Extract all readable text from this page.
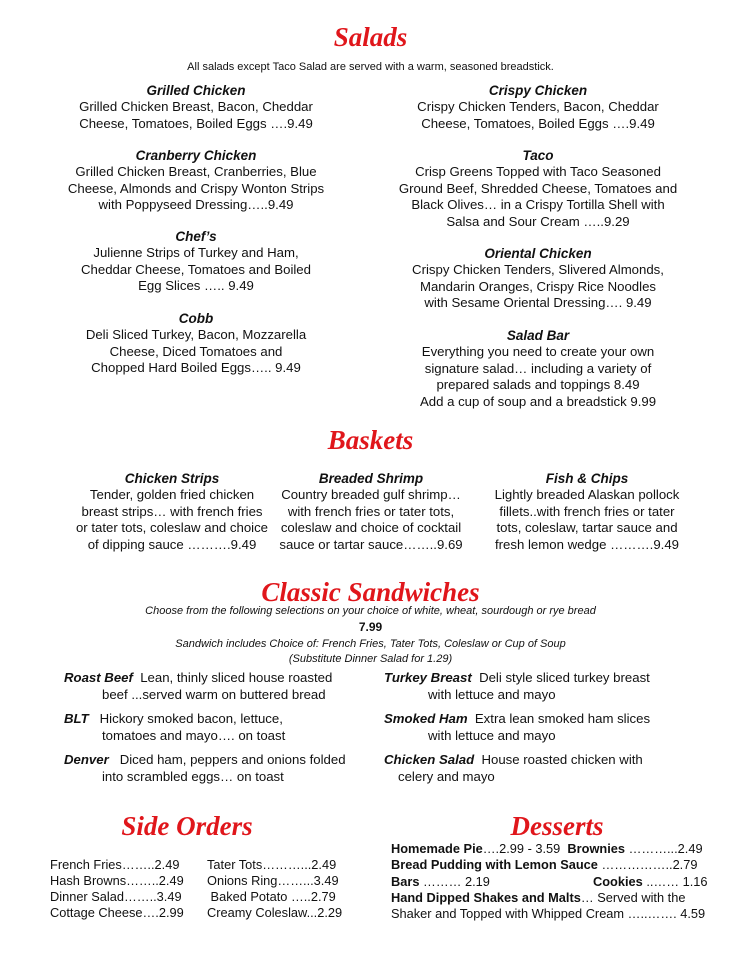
Salads
All salads except Taco Salad are served with a warm, seasoned breadstick.
Grilled Chicken
Grilled Chicken Breast, Bacon, Cheddar
Cheese, Tomatoes, Boiled Eggs ….9.49
Cranberry Chicken
Grilled Chicken Breast, Cranberries, Blue
Cheese, Almonds and Crispy Wonton Strips
with Poppyseed Dressing…..9.49
Chef’s
Julienne Strips of Turkey and Ham,
Cheddar Cheese, Tomatoes and Boiled
Egg Slices ….. 9.49
Cobb
Deli Sliced Turkey, Bacon, Mozzarella
Cheese, Diced Tomatoes and
Chopped Hard Boiled Eggs….. 9.49
Crispy Chicken
Crispy Chicken Tenders, Bacon, Cheddar
Cheese, Tomatoes, Boiled Eggs ….9.49
Taco
Crisp Greens Topped with Taco Seasoned
Ground Beef, Shredded Cheese, Tomatoes and
Black Olives… in a Crispy Tortilla Shell with
Salsa and Sour Cream …..9.29
Oriental Chicken
Crispy Chicken Tenders, Slivered Almonds,
Mandarin Oranges, Crispy Rice Noodles
with Sesame Oriental Dressing…. 9.49
Salad Bar
Everything you need to create your own
signature salad… including a variety of
prepared salads and toppings 8.49
Add a cup of soup and a breadstick 9.99
Baskets
Chicken Strips
Tender, golden fried chicken
breast strips… with french fries
or tater tots, coleslaw and choice
of dipping sauce ……….9.49
Breaded Shrimp
Country breaded gulf shrimp…
with french fries or tater tots,
coleslaw and choice of cocktail
sauce or tartar sauce……..9.69
Fish & Chips
Lightly breaded Alaskan pollock
fillets..with french fries or tater
tots, coleslaw, tartar sauce and
fresh lemon wedge ……….9.49
Classic Sandwiches
Choose from the following selections on your choice of white, wheat, sourdough or rye bread
7.99
Sandwich includes Choice of: French Fries, Tater Tots, Coleslaw or Cup of Soup
(Substitute Dinner Salad for 1.29)
Roast Beef Lean, thinly sliced house roasted
beef ...served warm on buttered bread
BLT Hickory smoked bacon, lettuce,
tomatoes and mayo…. on toast
Denver Diced ham, peppers and onions folded
into scrambled eggs… on toast
Turkey Breast Deli style sliced turkey breast
with lettuce and mayo
Smoked Ham Extra lean smoked ham slices
with lettuce and mayo
Chicken Salad House roasted chicken with
celery and mayo
Side Orders
French Fries……..2.49
Hash Browns……..2.49
Dinner Salad……..3.49
Cottage Cheese….2.99
Tater Tots………...2.49
Onions Ring……...3.49
Baked Potato …..2.79
Creamy Coleslaw...2.29
Desserts
Homemade Pie….2.99 - 3.59 Brownies ………...2.49
Bread Pudding with Lemon Sauce ……………..2.79
Bars ……… 2.19	Cookies ..…… 1.16
Hand Dipped Shakes and Malts… Served with the
Shaker and Topped with Whipped Cream …..……. 4.59
